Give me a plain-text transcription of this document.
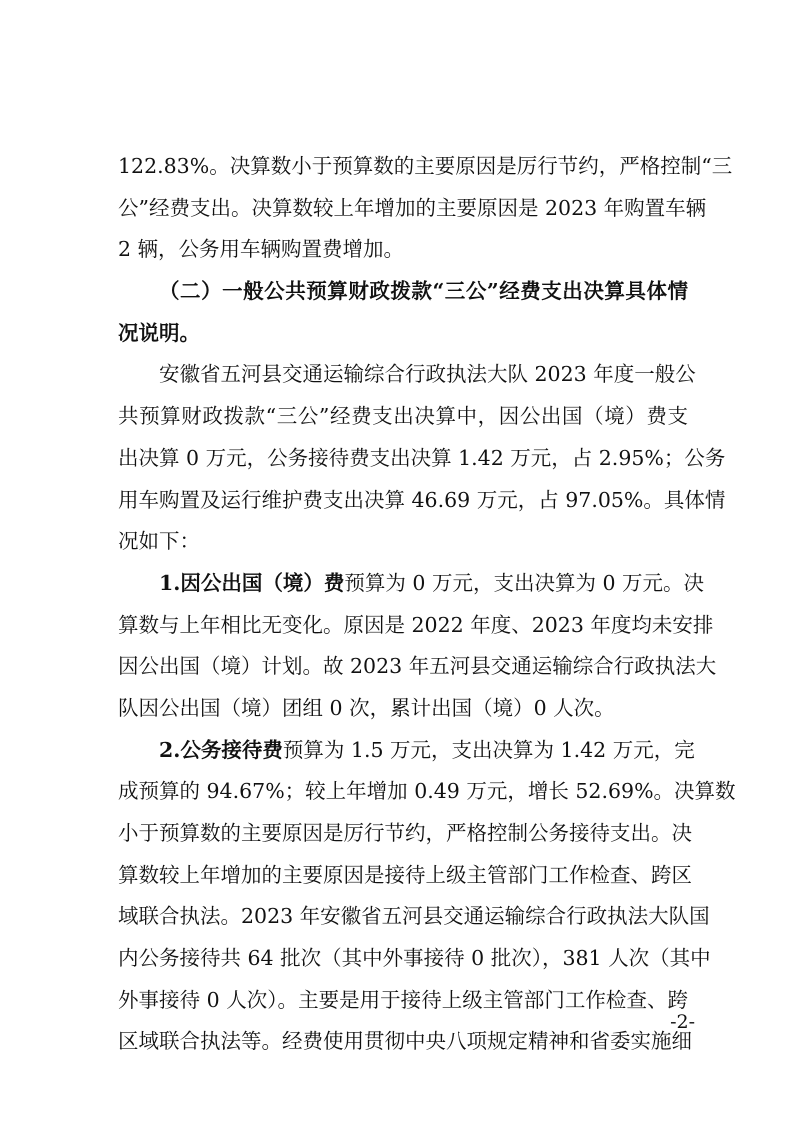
122.83%。决算数小于预算数的主要原因是厉行节约，严格控制“三
公”经费支出。决算数较上年增加的主要原因是 2023 年购置车辆
2 辆，公务用车辆购置费增加。
（二）一般公共预算财政拨款“三公”经费支出决算具体情
况说明。
安徽省五河县交通运输综合行政执法大队 2023 年度一般公
共预算财政拨款“三公”经费支出决算中，因公出国（境）费支
出决算 0 万元，公务接待费支出决算 1.42 万元，占 2.95%；公务
用车购置及运行维护费支出决算 46.69 万元，占 97.05%。具体情
况如下：
1.因公出国（境）费预算为 0 万元，支出决算为 0 万元。决
算数与上年相比无变化。原因是 2022 年度、2023 年度均未安排
因公出国（境）计划。故 2023 年五河县交通运输综合行政执法大
队因公出国（境）团组 0 次，累计出国（境）0 人次。
2.公务接待费预算为 1.5 万元，支出决算为 1.42 万元，完
成预算的 94.67%；较上年增加 0.49 万元，增长 52.69%。决算数
小于预算数的主要原因是厉行节约，严格控制公务接待支出。决
算数较上年增加的主要原因是接待上级主管部门工作检查、跨区
域联合执法。2023 年安徽省五河县交通运输综合行政执法大队国
内公务接待共 64 批次（其中外事接待 0 批次），381 人次（其中
外事接待 0 人次）。主要是用于接待上级主管部门工作检查、跨
区域联合执法等。经费使用贯彻中央八项规定精神和省委实施细
-2-
